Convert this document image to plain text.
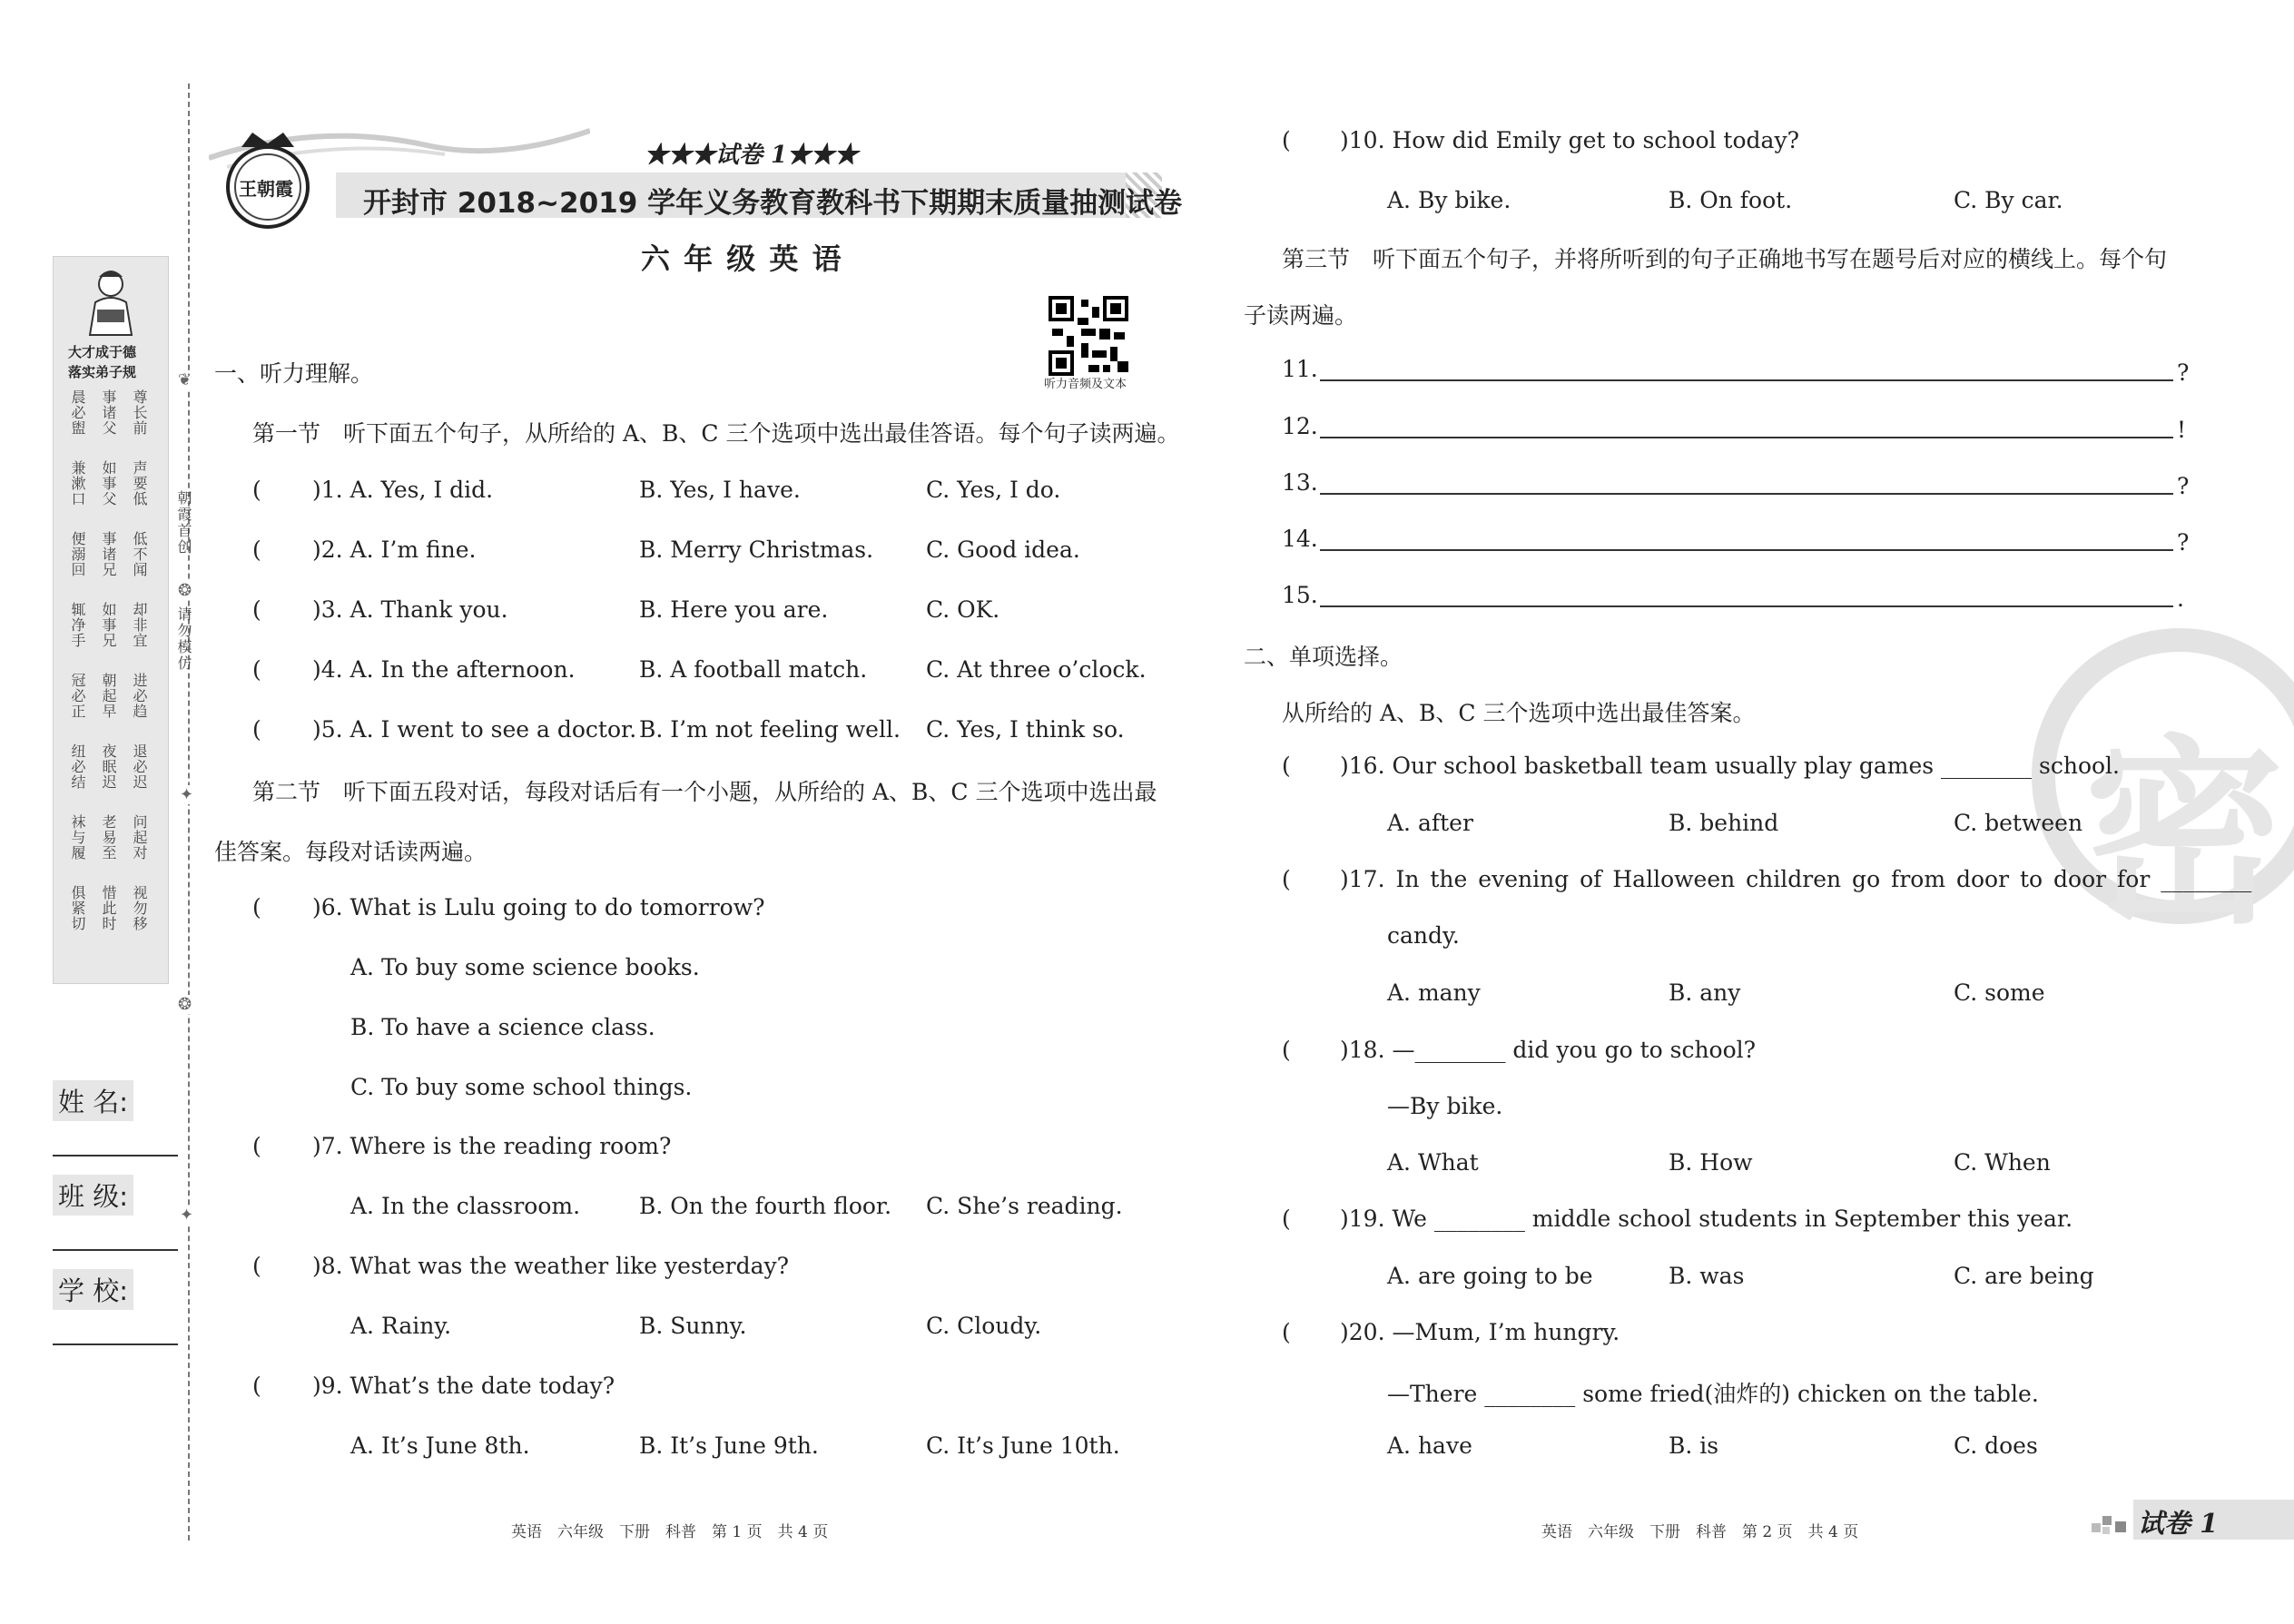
大才成于德
落实弟子规
晨必盥 事诸父 尊长前
兼漱口 如事父 声要低
便溺回 事诸兄 低不闻
辄净手 如事兄 却非宜
冠必正 朝起早 进必趋
纽必结 夜眠迟 退必迟
袜与履 老易至 问起对
俱紧切 惜此时 视勿移
❦
✦
✦
❂
❂
朝霞首创
请勿模仿
姓 名:
班 级:
学 校:
王朝霞
★★★试卷 1★★★
开封市 2018~2019 学年义务教育教科书下期期末质量抽测试卷
六 年 级 英 语
听力音频及文本
一、听力理解。
第一节　听下面五个句子，从所给的 A、B、C 三个选项中选出最佳答语。每个句子读两遍。
( )1. A. Yes, I did.	B. Yes, I have.	C. Yes, I do.
( )2. A. I’m fine.	B. Merry Christmas. C. Good idea.
( )3. A. Thank you.	B. Here you are.	C. OK.
( )4. A. In the afternoon.	B. A football match.	C. At three o’clock.
( )5. A. I went to see a doctor. B. I’m not feeling well. C. Yes, I think so.
第二节　听下面五段对话，每段对话后有一个小题，从所给的 A、B、C 三个选项中选出最
佳答案。每段对话读两遍。
( )6. What is Lulu going to do tomorrow?
A. To buy some science books.
B. To have a science class.
C. To buy some school things.
( )7. Where is the reading room?
A. In the classroom.	B. On the fourth floor. C. She’s reading.
( )8. What was the weather like yesterday?
A. Rainy.	B. Sunny.	C. Cloudy.
( )9. What’s the date today?
A. It’s June 8th.	B. It’s June 9th.	C. It’s June 10th.
英语　六年级　下册　科普　第 1 页　共 4 页
密
( )10. How did Emily get to school today?
A. By bike.	B. On foot.	C. By car.
第三节　听下面五个句子，并将所听到的句子正确地书写在题号后对应的横线上。每个句
子读两遍。
11.	?
12.	!
13.	?
14.	?
15.	.
二、单项选择。
从所给的 A、B、C 三个选项中选出最佳答案。
( )16. Our school basketball team usually play games ________ school.
A. after	B. behind	C. between
( )17. In the evening of Halloween children go from door to door for ________
candy.
A. many	B. any	C. some
( )18. —________ did you go to school?
—By bike.
A. What	B. How	C. When
( )19. We ________ middle school students in September this year.
A. are going to be	B. was	C. are being
( )20. —Mum, I’m hungry.
—There ________ some fried(油炸的) chicken on the table.
A. have	B. is	C. does
英语　六年级　下册　科普　第 2 页　共 4 页	试卷 1
